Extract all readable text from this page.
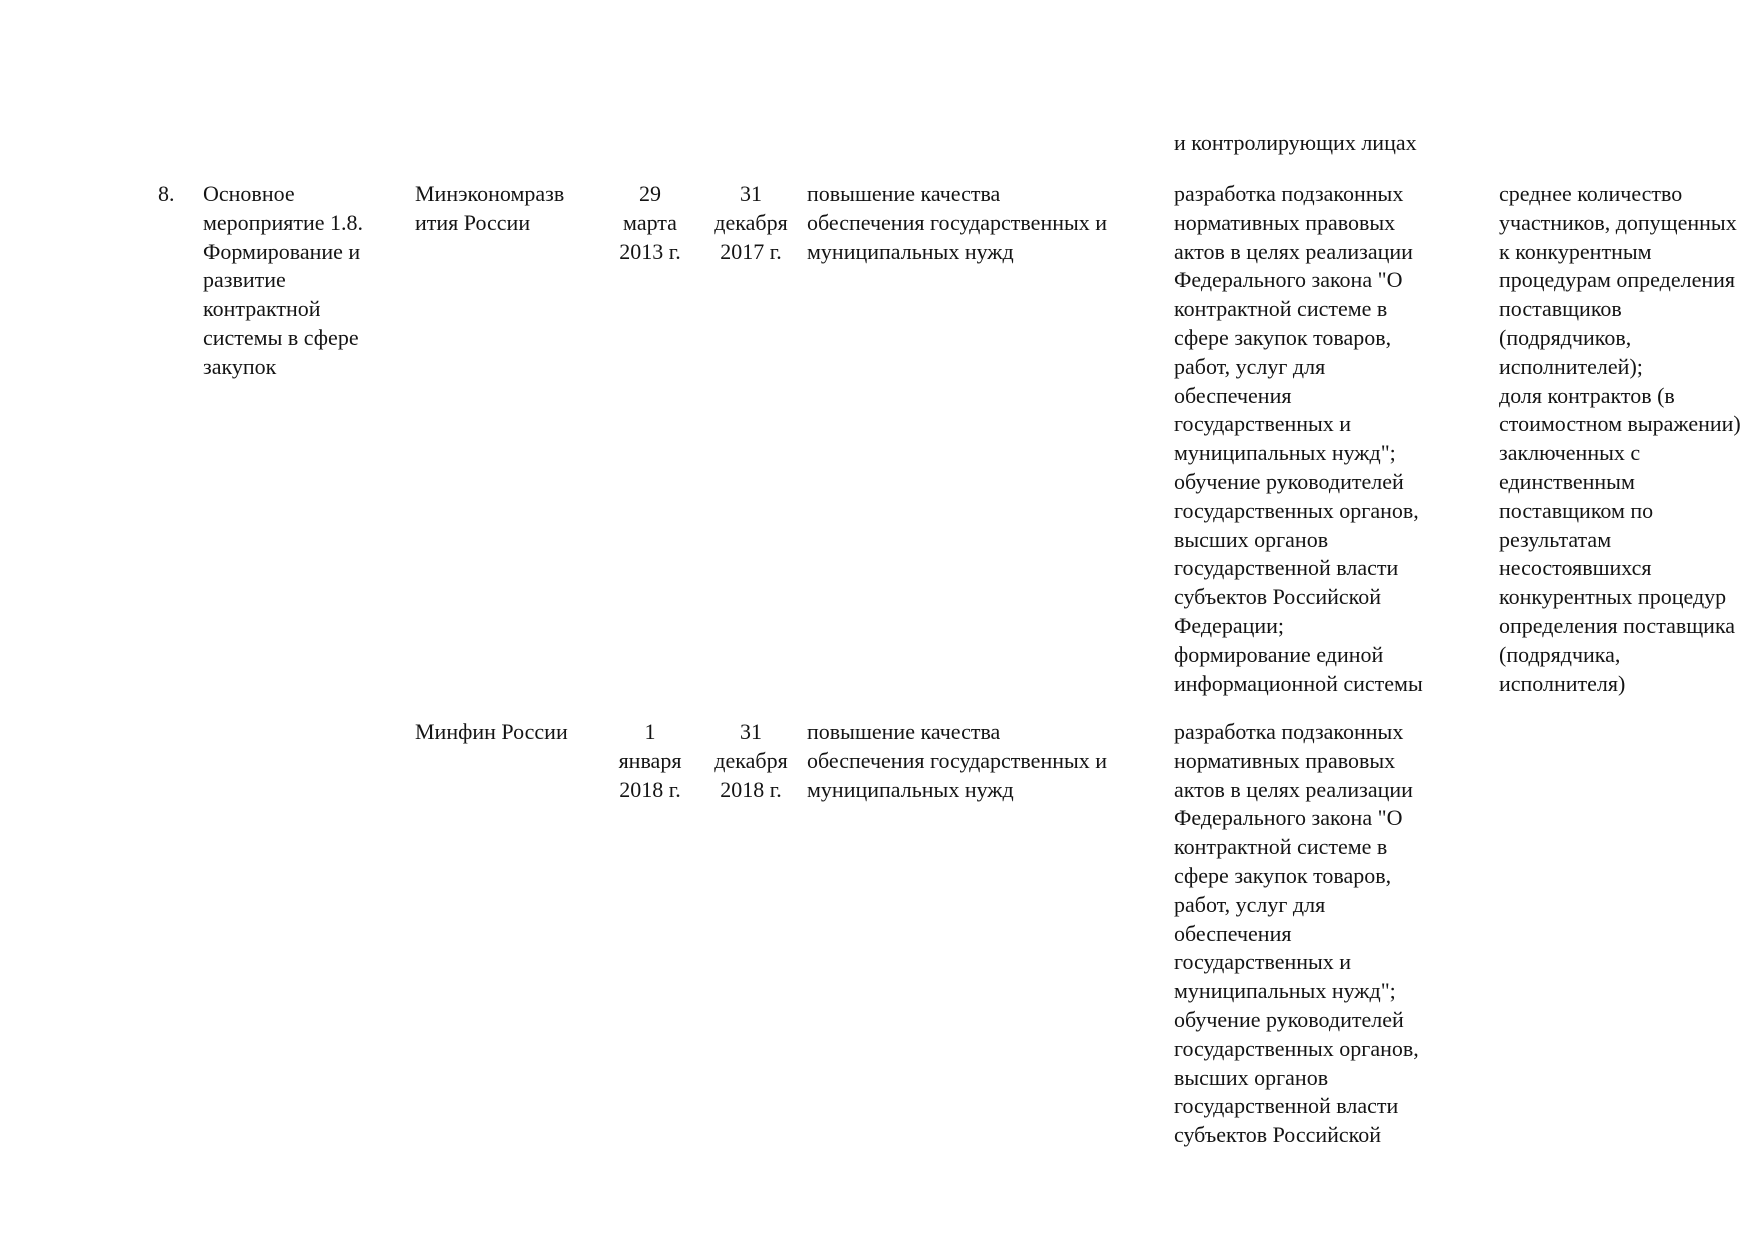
и контролирующих лицах
8.	Основное
мероприятие 1.8.
Формирование и
развитие
контрактной
системы в сфере
закупок
Минэкономразв
ития России
29
марта
2013 г.
31
декабря
2017 г.
повышение качества
обеспечения государственных и
муниципальных нужд
разработка подзаконных
нормативных правовых
актов в целях реализации
Федерального закона "О
контрактной системе в
сфере закупок товаров,
работ, услуг для
обеспечения
государственных и
муниципальных нужд";
обучение руководителей
государственных органов,
высших органов
государственной власти
субъектов Российской
Федерации;
формирование единой
информационной системы
среднее количество
участников, допущенных
к конкурентным
процедурам определения
поставщиков
(подрядчиков,
исполнителей);
доля контрактов (в
стоимостном выражении)
заключенных с
единственным
поставщиком по
результатам
несостоявшихся
конкурентных процедур
определения поставщика
(подрядчика,
исполнителя)
Минфин России	1
января
2018 г.
31
декабря
2018 г.
повышение качества
обеспечения государственных и
муниципальных нужд
разработка подзаконных
нормативных правовых
актов в целях реализации
Федерального закона "О
контрактной системе в
сфере закупок товаров,
работ, услуг для
обеспечения
государственных и
муниципальных нужд";
обучение руководителей
государственных органов,
высших органов
государственной власти
субъектов Российской
